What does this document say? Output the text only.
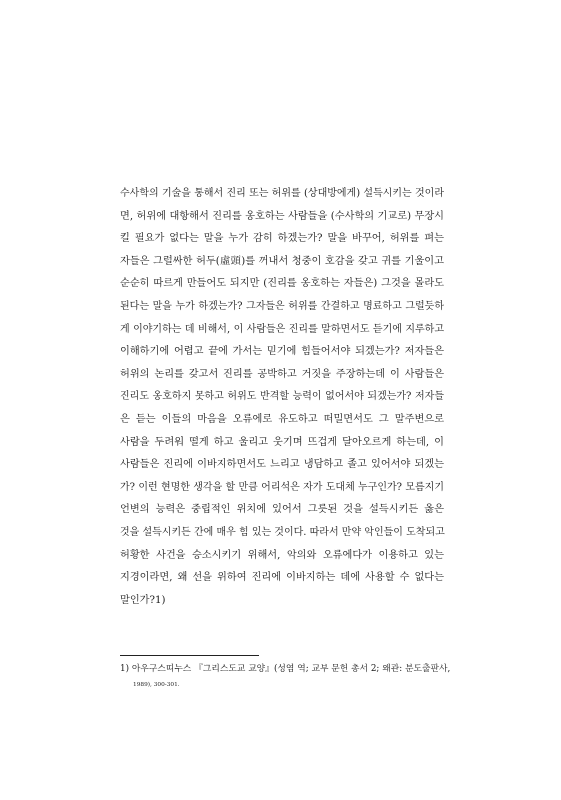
수사학의 기술을 통해서 진리 또는 허위를 (상대방에게) 설득시키는 것이라
면, 허위에 대항해서 진리를 옹호하는 사람들을 (수사학의 기교로) 무장시
킬 필요가 없다는 말을 누가 감히 하겠는가? 말을 바꾸어, 허위를 펴는
자들은 그럴싸한 허두(虛頭)를 꺼내서 청중이 호감을 갖고 귀를 기울이고
순순히 따르게 만들어도 되지만 (진리를 옹호하는 자들은) 그것을 몰라도
된다는 말을 누가 하겠는가? 그자들은 허위를 간결하고 명료하고 그럴듯하
게 이야기하는 데 비해서, 이 사람들은 진리를 말하면서도 듣기에 지루하고
이해하기에 어렵고 끝에 가서는 믿기에 힘들어서야 되겠는가? 저자들은
허위의 논리를 갖고서 진리를 공박하고 거짓을 주장하는데 이 사람들은
진리도 옹호하지 못하고 허위도 반격할 능력이 없어서야 되겠는가? 저자들
은 듣는 이들의 마음을 오류에로 유도하고 떠밀면서도 그 말주변으로
사람을 두려워 떨게 하고 울리고 웃기며 뜨겁게 달아오르게 하는데, 이
사람들은 진리에 이바지하면서도 느리고 냉담하고 졸고 있어서야 되겠는
가? 이런 현명한 생각을 할 만큼 어리석은 자가 도대체 누구인가? 모름지기
언변의 능력은 중립적인 위치에 있어서 그릇된 것을 설득시키든 옳은
것을 설득시키든 간에 매우 힘 있는 것이다. 따라서 만약 악인들이 도착되고
허황한 사건을 승소시키기 위해서, 악의와 오류에다가 이용하고 있는
지경이라면, 왜 선을 위하여 진리에 이바지하는 데에 사용할 수 없다는
말인가?1)
1) 아우구스띠누스 『그리스도교 교양』(성염 역; 교부 문헌 총서 2; 왜관: 분도출판사,
1989), 300-301.
